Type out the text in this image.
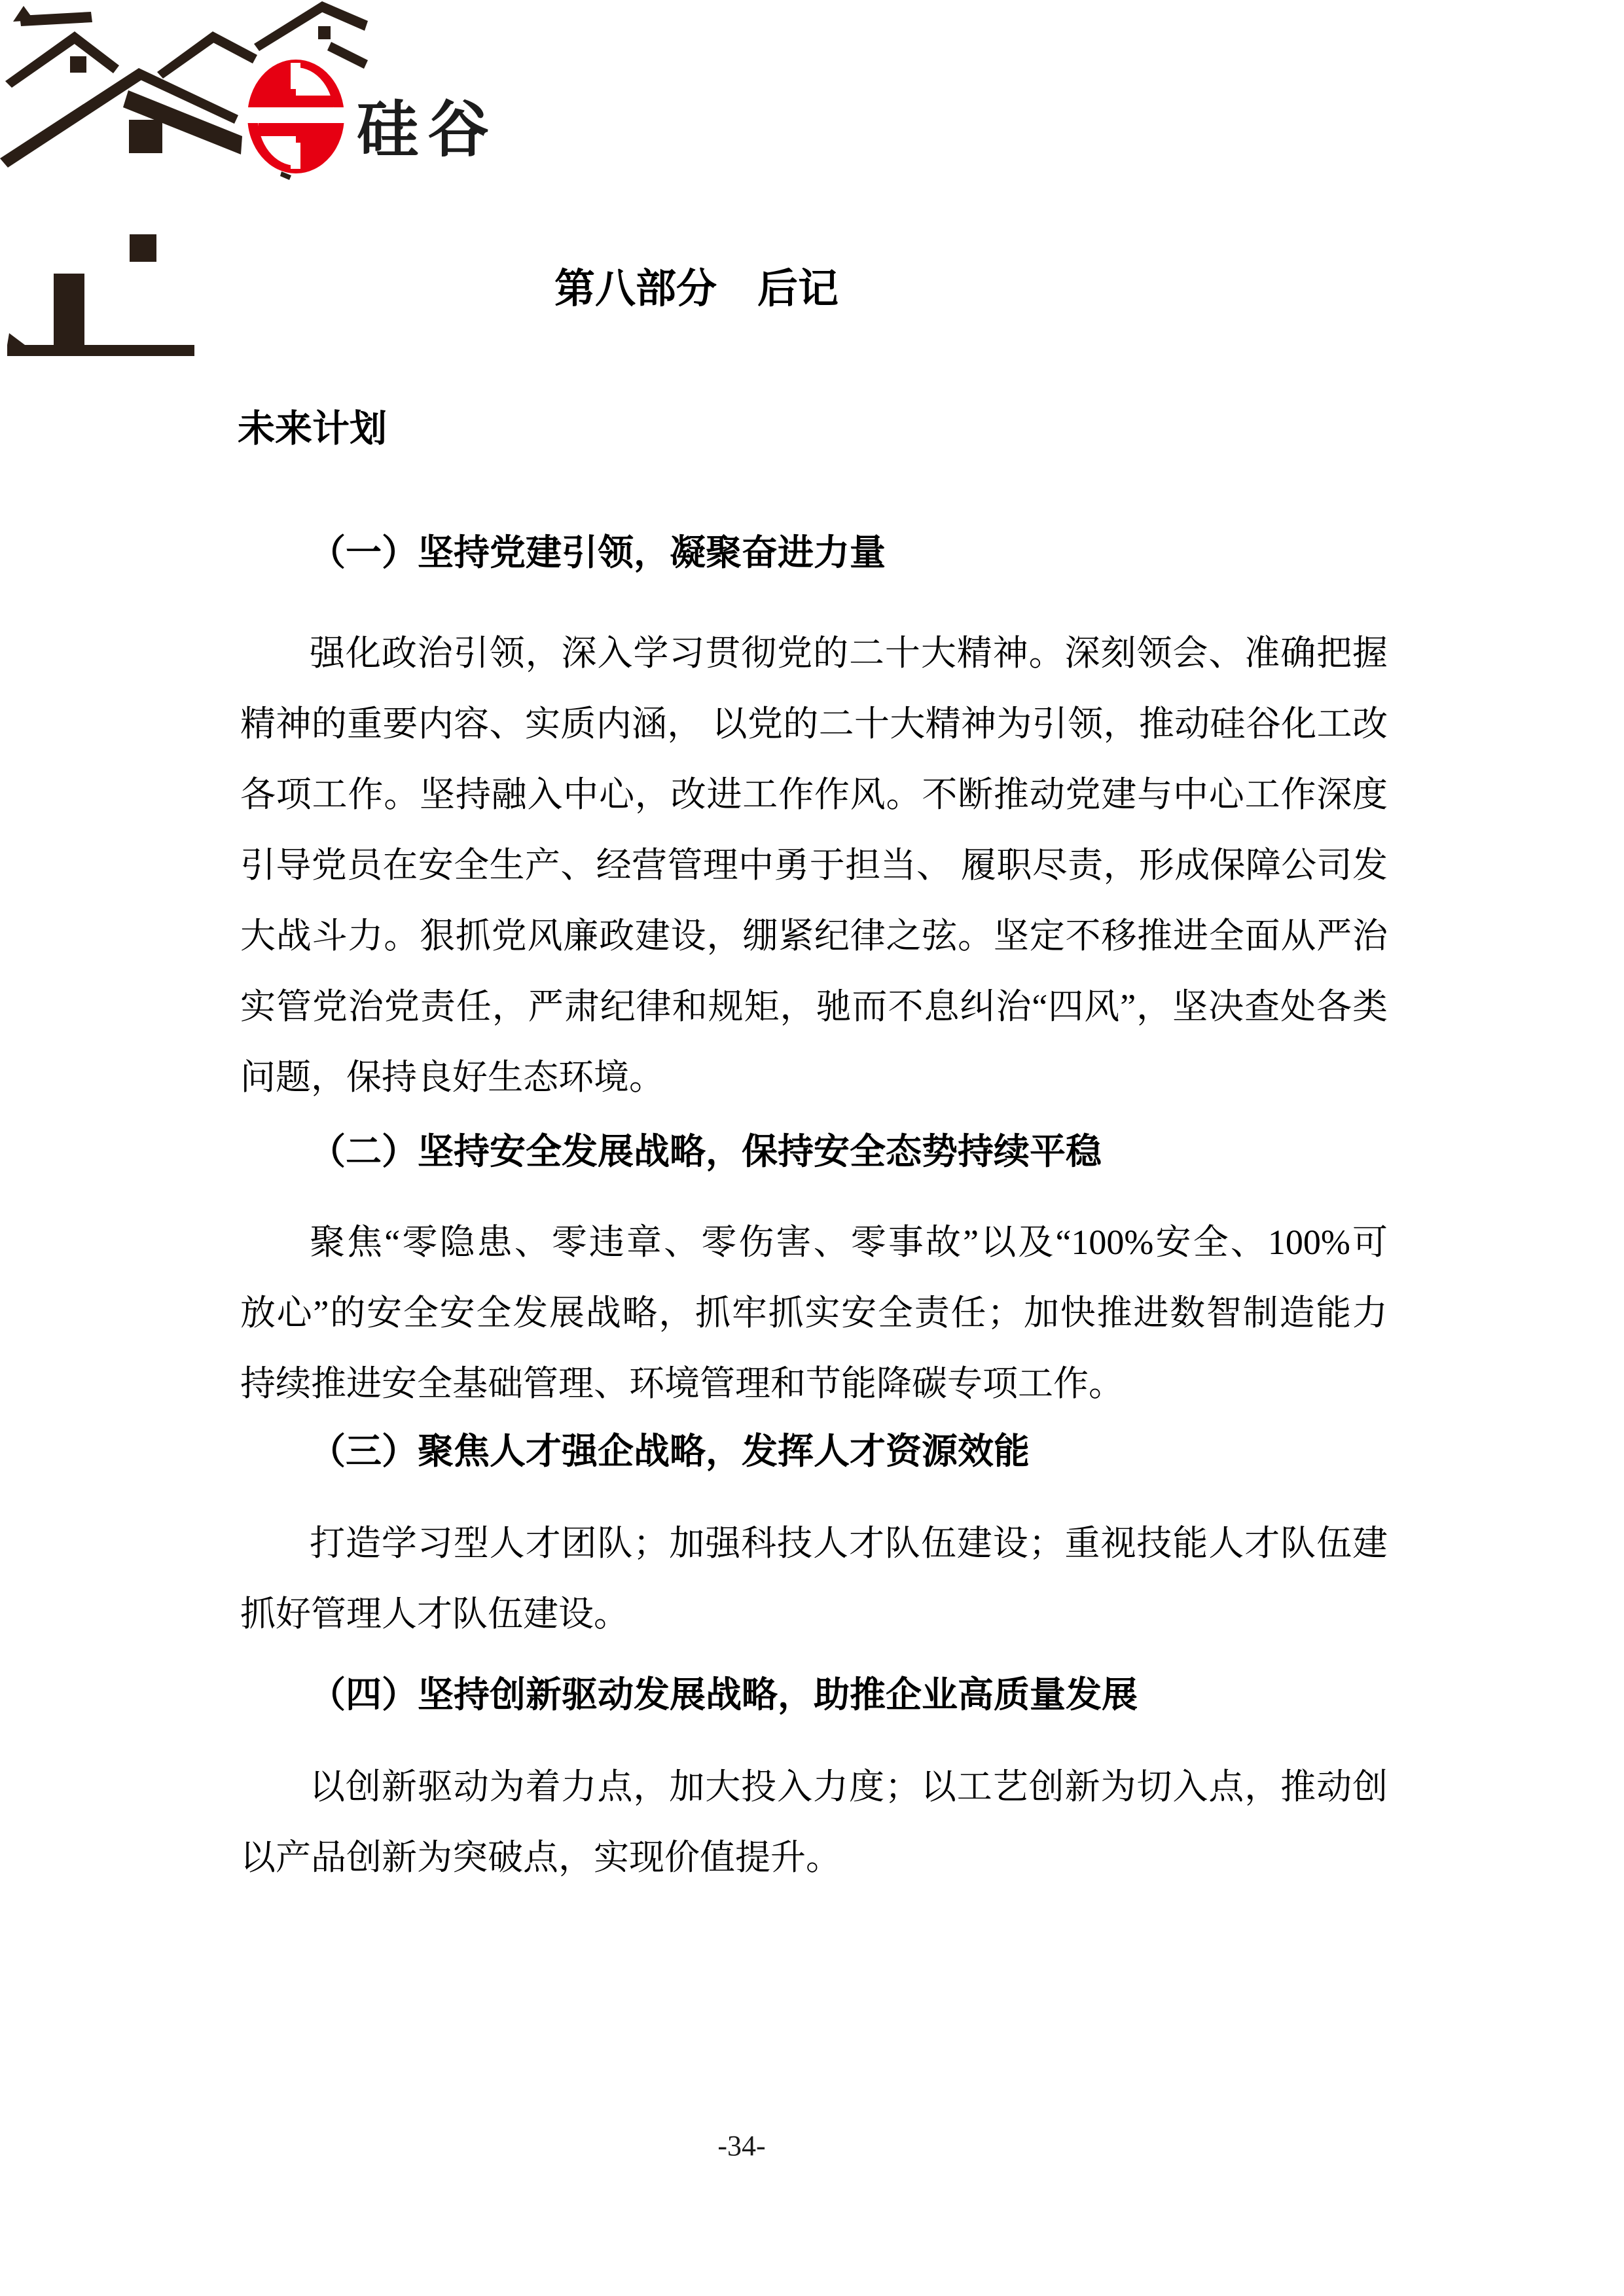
硅谷
第八部分　后记
未来计划
（一）坚持党建引领，凝聚奋进力量
强化政治引领，深入学习贯彻党的二十大精神。深刻领会、准确把握
精神的重要内容、实质内涵， 以党的二十大精神为引领，推动硅谷化工改
各项工作。坚持融入中心，改进工作作风。不断推动党建与中心工作深度
引导党员在安全生产、经营管理中勇于担当、 履职尽责，形成保障公司发
大战斗力。狠抓党风廉政建设，绷紧纪律之弦。坚定不移推进全面从严治
实管党治党责任，严肃纪律和规矩，驰而不息纠治“四风”，坚决查处各类
问题，保持良好生态环境。
（二）坚持安全发展战略，保持安全态势持续平稳
聚焦“零隐患、零违章、零伤害、零事故”以及“100%安全、100%可
放心”的安全安全发展战略，抓牢抓实安全责任；加快推进数智制造能力
持续推进安全基础管理、环境管理和节能降碳专项工作。
（三）聚焦人才强企战略，发挥人才资源效能
打造学习型人才团队；加强科技人才队伍建设；重视技能人才队伍建
抓好管理人才队伍建设。
（四）坚持创新驱动发展战略，助推企业高质量发展
以创新驱动为着力点，加大投入力度；以工艺创新为切入点，推动创
以产品创新为突破点，实现价值提升。
-34-
